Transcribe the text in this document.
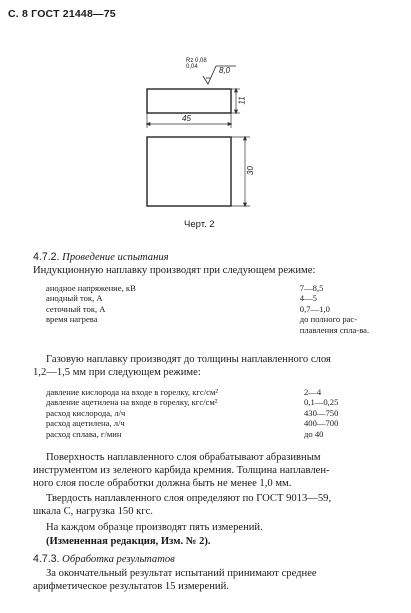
С. 8 ГОСТ 21448—75
Rz 0,08
0,04	8,0
45
11
30
Черт. 2
4.7.2. Проведение испытания
Индукционную наплавку производят при следующем режиме:
анодное напряжение, кВ	7—8,5
анодный ток, А	4—5
сеточный ток, А	0,7—1,0
время нагрева	до полного рас-плавления спла-ва.
Газовую наплавку производят до толщины наплавленного слоя
1,2—1,5 мм при следующем режиме:
давление кислорода на входе в горелку, кгс/см²	2—4
давление ацетилена на входе в горелку, кгс/см²	0,1—0,25
расход кислорода, л/ч	430—750
расход ацетилена, л/ч	400—700
расход сплава, г/мин	до 40
Поверхность наплавленного слоя обрабатывают абразивным
инструментом из зеленого карбида кремния. Толщина наплавлен-
ного слоя после обработки должна быть не менее 1,0 мм.
Твердость наплавленного слоя определяют по ГОСТ 9013—59,
шкала С, нагрузка 150 кгс.
На каждом образце производят пять измерений.
(Измененная редакция, Изм. № 2).
4.7.3. Обработка результатов
За окончательный результат испытаний принимают среднее
арифметическое результатов 15 измерений.
